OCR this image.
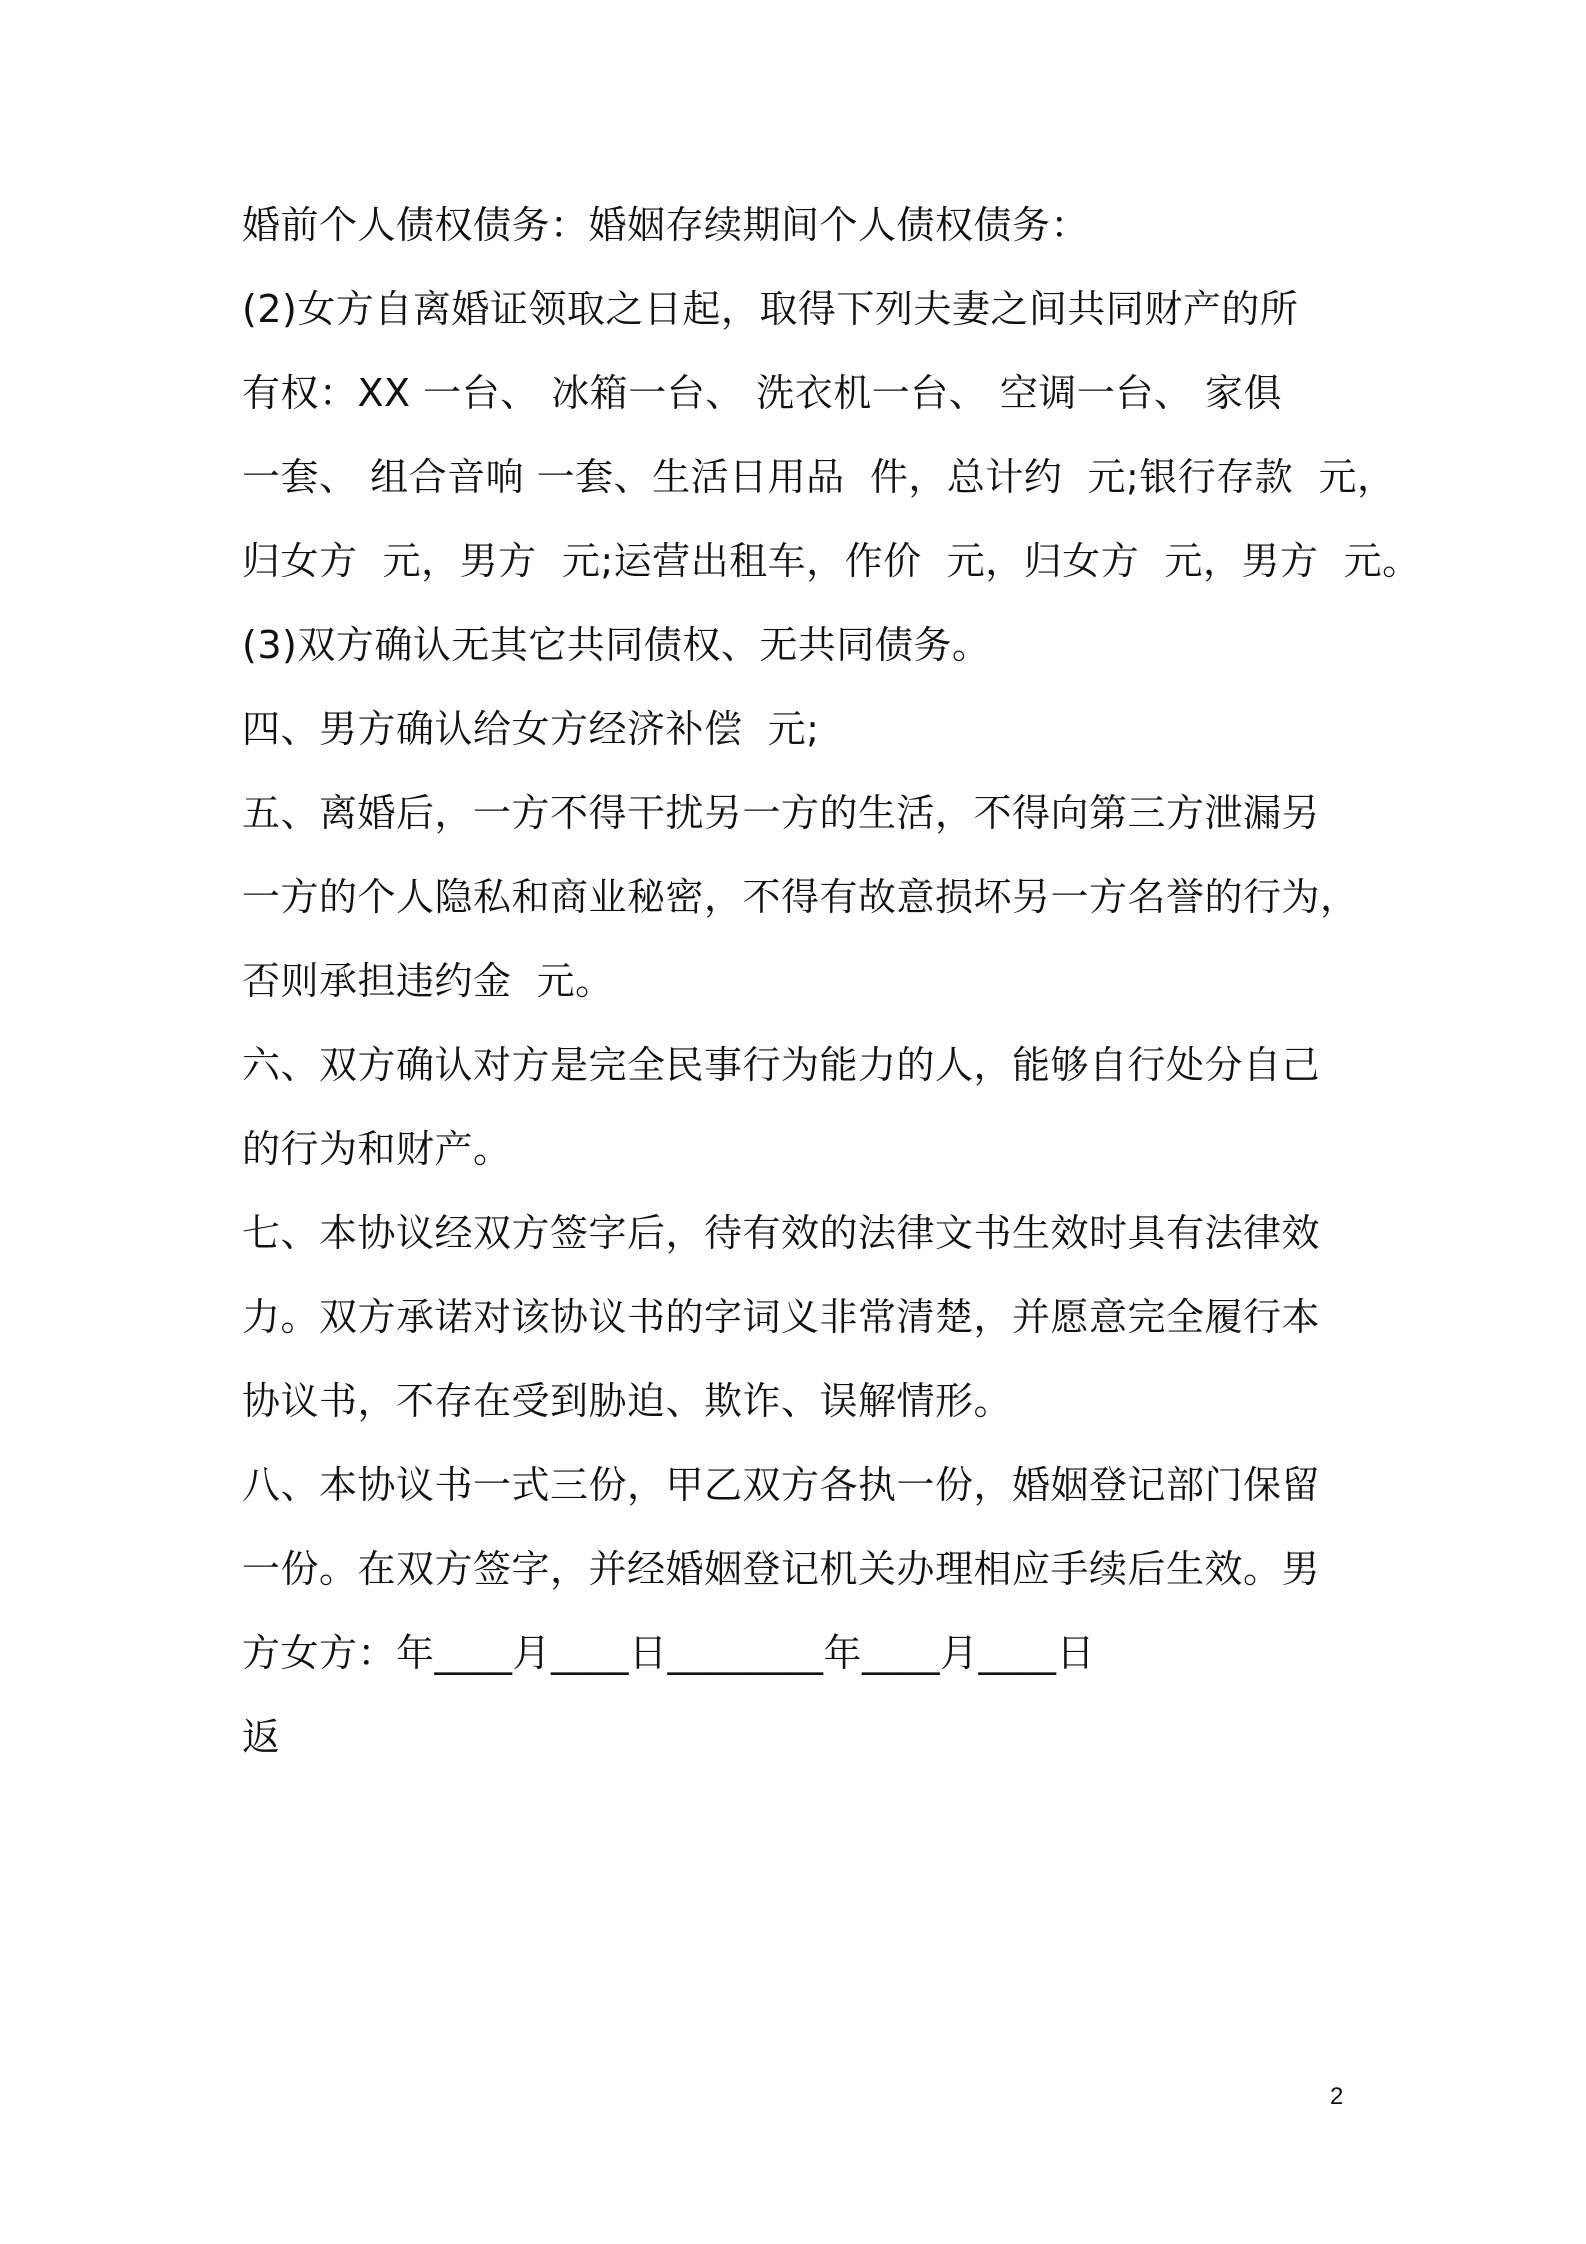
婚前个人债权债务：婚姻存续期间个人债权债务：
(2)女方自离婚证领取之日起，取得下列夫妻之间共同财产的所
有权：XX 一台、 冰箱一台、 洗衣机一台、 空调一台、 家俱
一套、 组合音响 一套、生活日用品  件，总计约  元;银行存款  元，
归女方  元，男方  元;运营出租车，作价  元，归女方  元，男方  元。
(3)双方确认无其它共同债权、无共同债务。
四、男方确认给女方经济补偿  元;
五、离婚后，一方不得干扰另一方的生活，不得向第三方泄漏另
一方的个人隐私和商业秘密，不得有故意损坏另一方名誉的行为，
否则承担违约金  元。
六、双方确认对方是完全民事行为能力的人，能够自行处分自己
的行为和财产。
七、本协议经双方签字后，待有效的法律文书生效时具有法律效
力。双方承诺对该协议书的字词义非常清楚，并愿意完全履行本
协议书，不存在受到胁迫、欺诈、误解情形。
八、本协议书一式三份，甲乙双方各执一份，婚姻登记部门保留
一份。在双方签字，并经婚姻登记机关办理相应手续后生效。男
方女方：年____月____日________年____月____日
返
2
